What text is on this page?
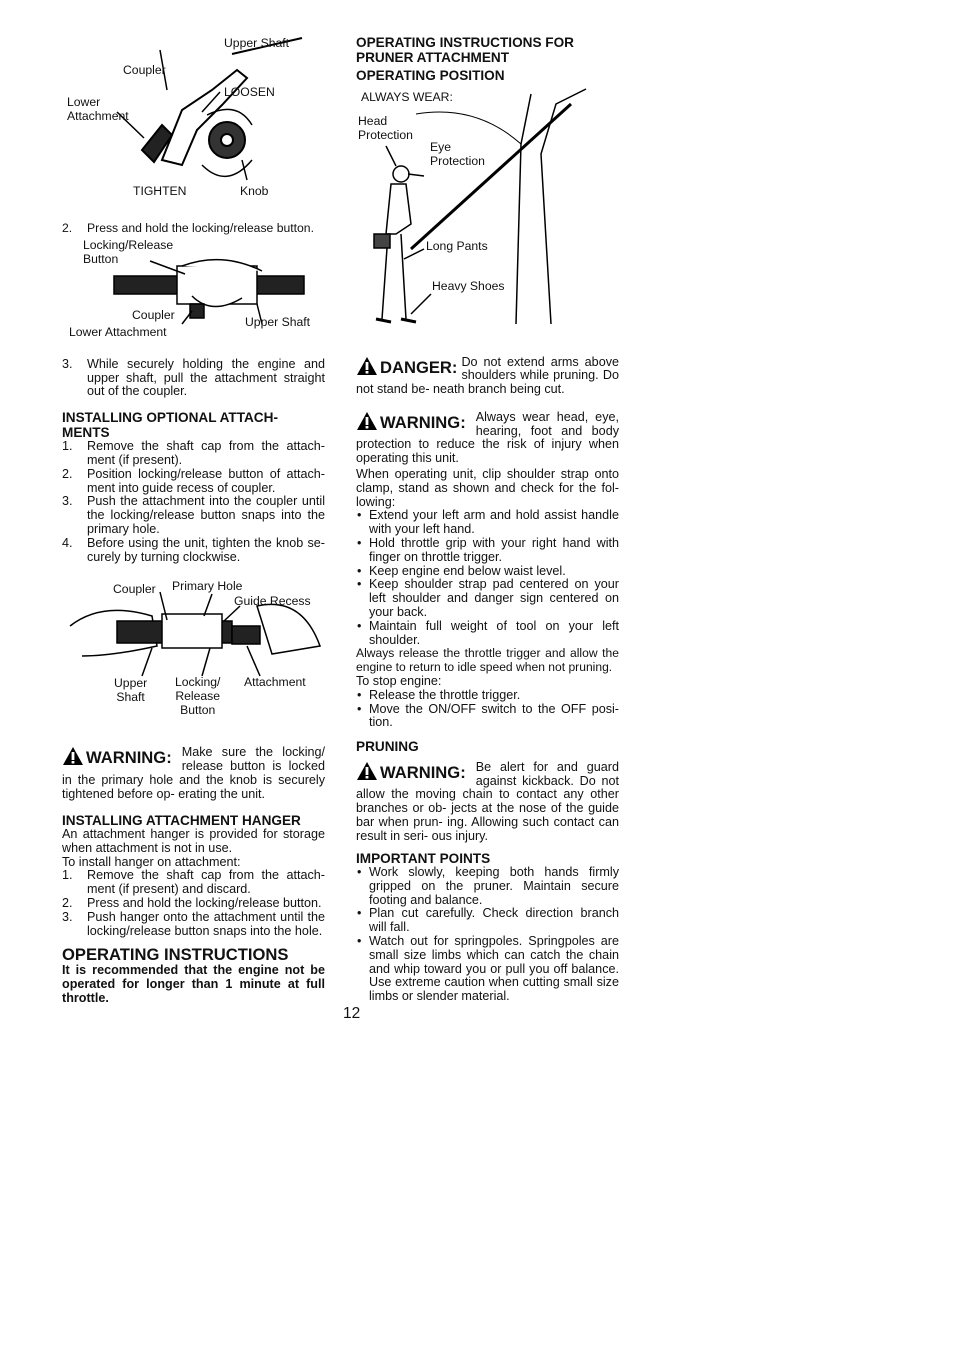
Upper Shaft
Coupler
Lower
Attachment
LOOSEN
TIGHTEN	Knob
2. Press and hold the locking/release button.
Locking/Release
Button
Coupler	Upper Shaft
Lower Attachment
3. While securely holding the engine and upper shaft, pull the attachment straight out of the coupler.
INSTALLING OPTIONAL ATTACH- MENTS
1. Remove the shaft cap from the attach- ment (if present).
2. Position locking/release button of attach- ment into guide recess of coupler.
3. Push the attachment into the coupler until the locking/release button snaps into the primary hole.
4. Before using the unit, tighten the knob se- curely by turning clockwise.
Coupler Primary Hole
Guide Recess
Upper
Shaft
Locking/
Release
Button
Attachment
WARNING: Make sure the locking/ release button is locked in the primary hole and the knob is securely tightened before op- erating the unit.
INSTALLING ATTACHMENT HANGER

An attachment hanger is provided for storage when attachment is not in use.

To install hanger on attachment:

1. Remove the shaft cap from the attach- ment (if present) and discard.
2. Press and hold the locking/release button.
3. Push hanger onto the attachment until the locking/release button snaps into the hole.
OPERATING INSTRUCTIONS

It is recommended that the engine not be operated for longer than 1 minute at full throttle.

OPERATING INSTRUCTIONS FOR PRUNER ATTACHMENT
OPERATING POSITION
ALWAYS WEAR:
Head
Protection
Eye
Protection
Long Pants
Heavy Shoes
DANGER: Do not extend arms above shoulders while pruning. Do not stand be- neath branch being cut.
WARNING: Always wear head, eye, hearing, foot and body protection to reduce the risk of injury when operating this unit.

When operating unit, clip shoulder strap onto clamp, stand as shown and check for the fol- lowing:

• Extend your left arm and hold assist handle with your left hand.
• Hold throttle grip with your right hand with finger on throttle trigger.
• Keep engine end below waist level.
• Keep shoulder strap pad centered on your left shoulder and danger sign centered on your back.
• Maintain full weight of tool on your left shoulder.

Always release the throttle trigger and allow the engine to return to idle speed when not pruning.

To stop engine:

• Release the throttle trigger.
• Move the ON/OFF switch to the OFF posi- tion.
PRUNING
WARNING: Be alert for and guard against kickback. Do not allow the moving chain to contact any other branches or ob- jects at the nose of the guide bar when prun- ing. Allowing such contact can result in seri- ous injury.
IMPORTANT POINTS
• Work slowly, keeping both hands firmly gripped on the pruner. Maintain secure footing and balance.
• Plan cut carefully. Check direction branch will fall.
• Watch out for springpoles. Springpoles are small size limbs which can catch the chain and whip toward you or pull you off balance. Use extreme caution when cutting small size limbs or slender material.
12
